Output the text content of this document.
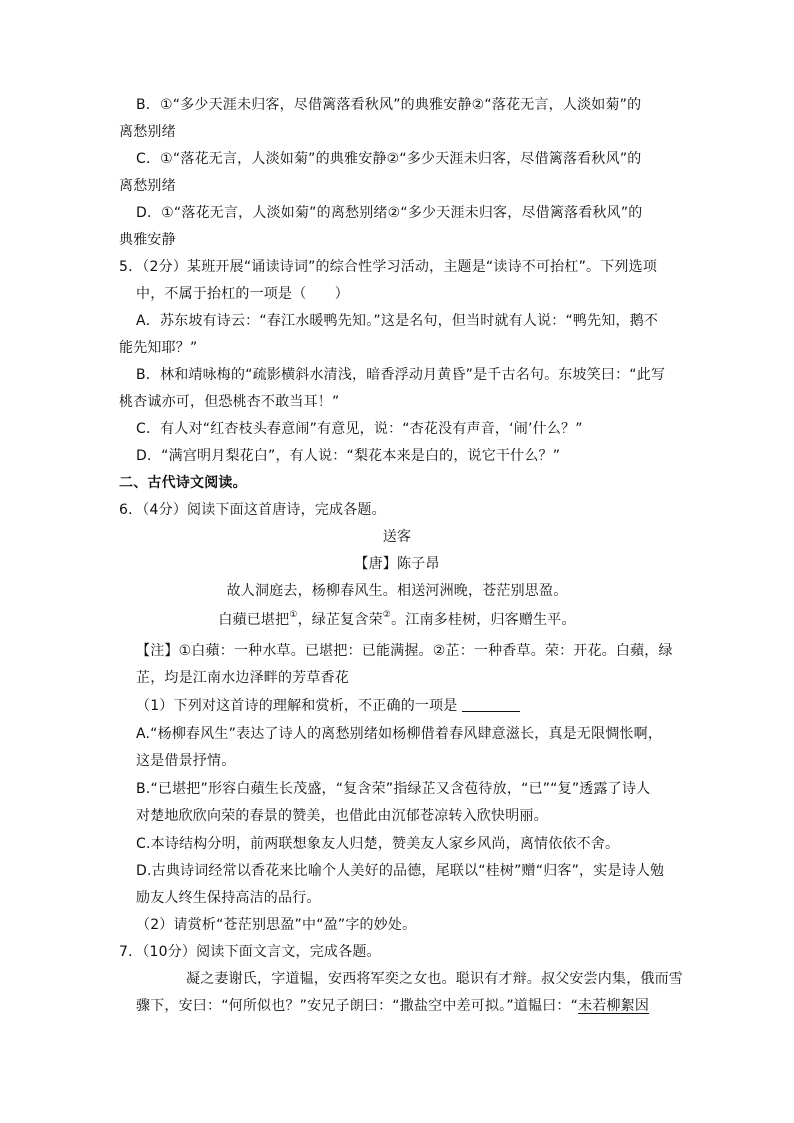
B．①“多少天涯未归客，尽借篱落看秋风”的典雅安静②“落花无言，人淡如菊”的
离愁别绪
C．①“落花无言，人淡如菊”的典雅安静②“多少天涯未归客，尽借篱落看秋风”的
离愁别绪
D．①“落花无言，人淡如菊”的离愁别绪②“多少天涯未归客，尽借篱落看秋风”的
典雅安静
5．（2分）某班开展“诵读诗词”的综合性学习活动，主题是“读诗不可抬杠”。下列选项
中，不属于抬杠的一项是（　　）
A．苏东坡有诗云：“春江水暖鸭先知。”这是名句，但当时就有人说：“鸭先知，鹅不
能先知耶？”
B．林和靖咏梅的“疏影横斜水清浅，暗香浮动月黄昏”是千古名句。东坡笑曰：“此写
桃杏诚亦可，但恐桃杏不敢当耳！”
C．有人对“红杏枝头春意闹”有意见，说：“杏花没有声音，‘闹’什么？”
D．“满宫明月梨花白”，有人说：“梨花本来是白的，说它干什么？”
二、古代诗文阅读。
6．（4分）阅读下面这首唐诗，完成各题。
送客
【唐】陈子昂
故人洞庭去，杨柳春风生。相送河洲晚，苍茫别思盈。
白蘋已堪把①，绿芷复含荣②。江南多桂树，归客赠生平。
【注】①白蘋：一种水草。已堪把：已能满握。②芷：一种香草。荣：开花。白蘋，绿
芷，均是江南水边泽畔的芳草香花
（1）下列对这首诗的理解和赏析，不正确的一项是
A.“杨柳春风生”表达了诗人的离愁别绪如杨柳借着春风肆意滋长，真是无限惆怅啊，
这是借景抒情。
B.“已堪把”形容白蘋生长茂盛，“复含荣”指绿芷又含苞待放，“已”“复”透露了诗人
对楚地欣欣向荣的春景的赞美，也借此由沉郁苍凉转入欣快明丽。
C.本诗结构分明，前两联想象友人归楚，赞美友人家乡风尚，离情依依不舍。
D.古典诗词经常以香花来比喻个人美好的品德，尾联以“桂树”赠“归客”，实是诗人勉
励友人终生保持高洁的品行。
（2）请赏析“苍茫别思盈”中“盈”字的妙处。
7．（10分）阅读下面文言文，完成各题。
凝之妻谢氏，字道韫，安西将军奕之女也。聪识有才辩。叔父安尝内集，俄而雪
骤下，安曰：“何所似也？”安兄子朗曰：“撒盐空中差可拟。”道韫曰：“未若柳絮因
